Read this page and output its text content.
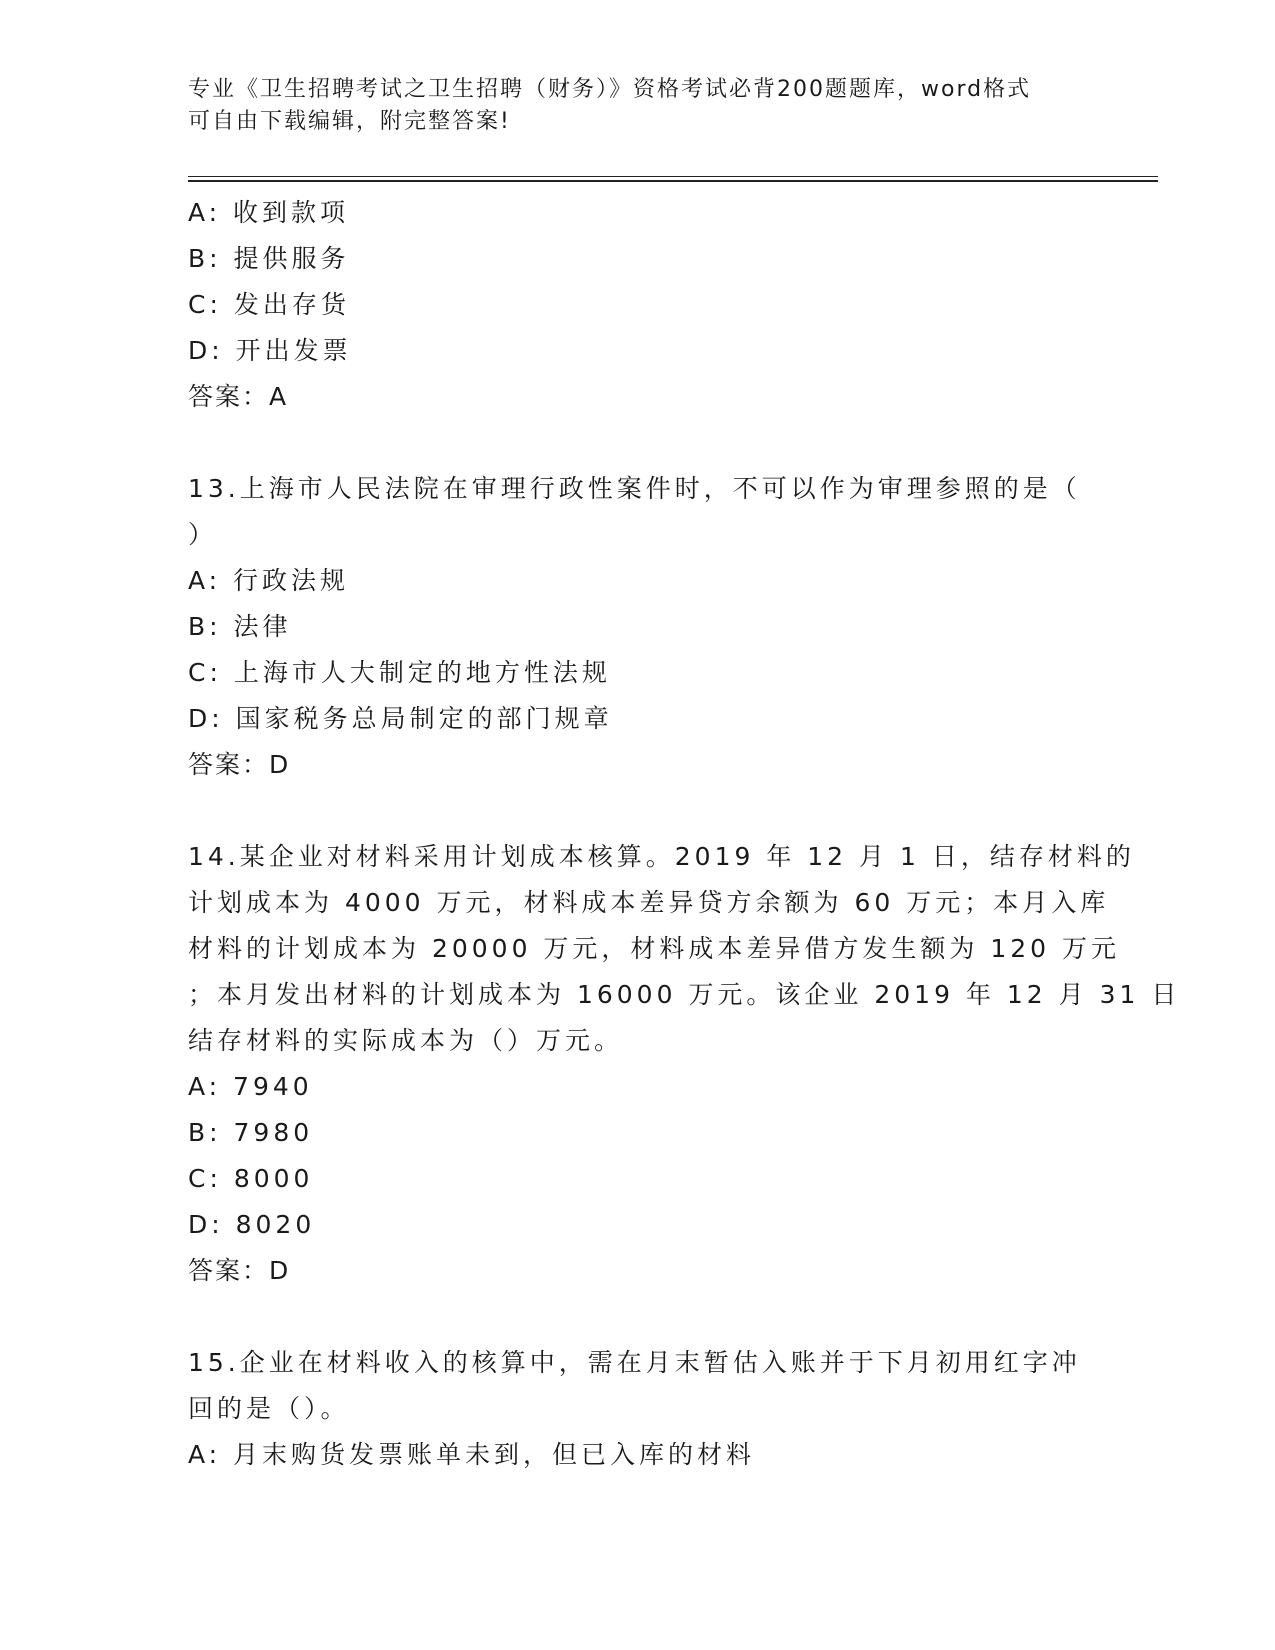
专业《卫生招聘考试之卫生招聘（财务）》资格考试必背200题题库，word格式
可自由下载编辑，附完整答案!
A: 收到款项
B: 提供服务
C: 发出存货
D: 开出发票
答案：A
13.上海市人民法院在审理行政性案件时，不可以作为审理参照的是（
）
A: 行政法规
B: 法律
C: 上海市人大制定的地方性法规
D: 国家税务总局制定的部门规章
答案：D
14.某企业对材料采用计划成本核算。2019 年 12 月 1 日，结存材料的
计划成本为 4000 万元，材料成本差异贷方余额为 60 万元；本月入库
材料的计划成本为 20000 万元，材料成本差异借方发生额为 120 万元
；本月发出材料的计划成本为 16000 万元。该企业 2019 年 12 月 31 日
结存材料的实际成本为（）万元。
A: 7940
B: 7980
C: 8000
D: 8020
答案：D
15.企业在材料收入的核算中，需在月末暂估入账并于下月初用红字冲
回的是（）。
A: 月末购货发票账单未到，但已入库的材料
